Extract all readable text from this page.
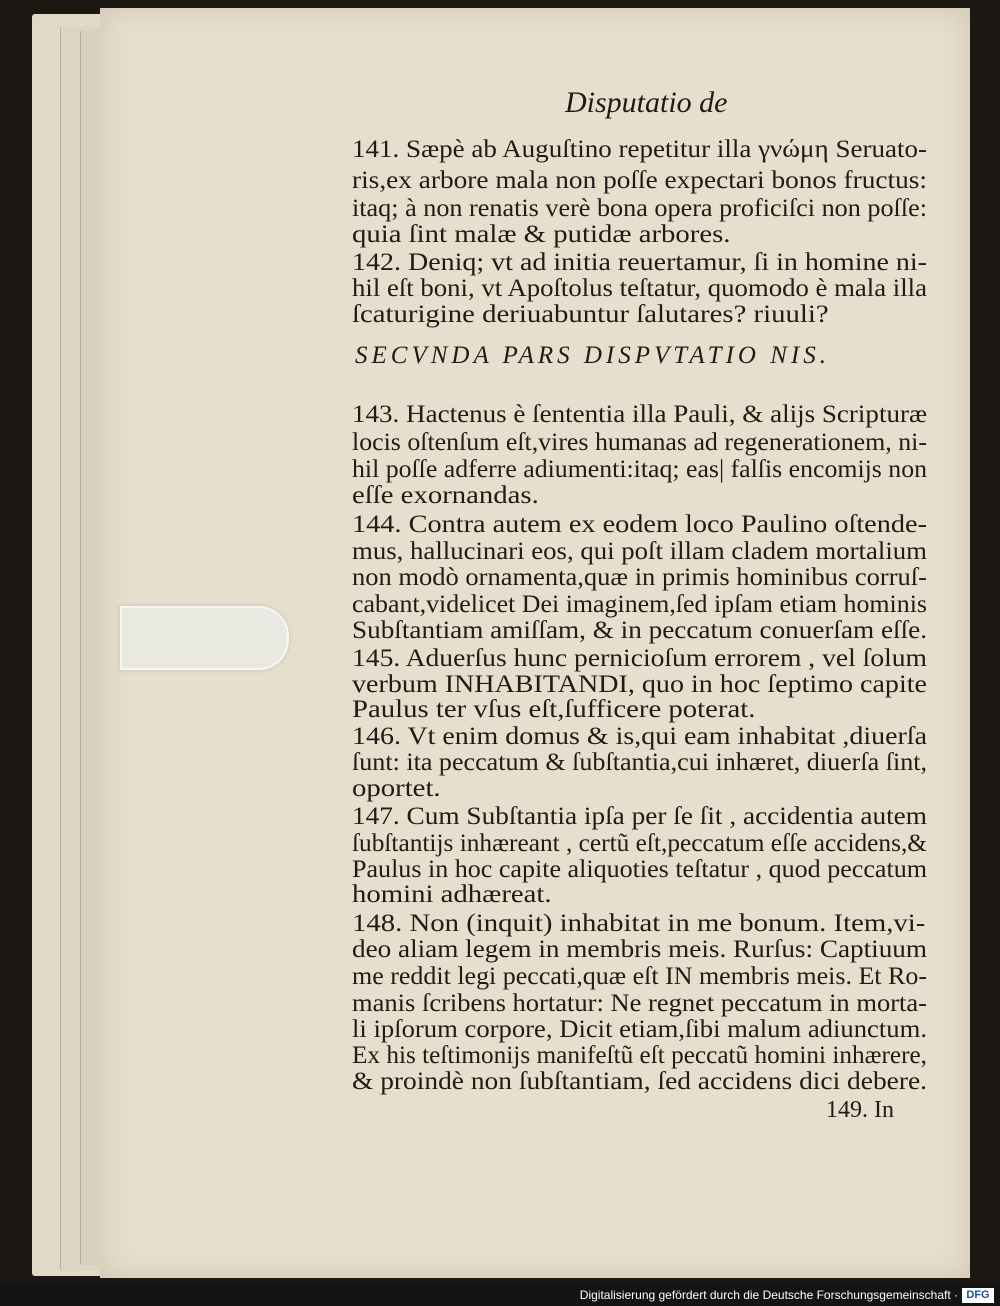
Disputatio de
141. Sæpè ab Auguſtino repetitur illa γνώμη Seruato-
ris,ex arbore mala non poſſe expectari bonos fructus:
itaq; à non renatis verè bona opera proficiſci non poſſe:
quia ſint malæ & putidæ arbores.
142. Deniq; vt ad initia reuertamur, ſi in homine ni-
hil eſt boni, vt Apoſtolus teſtatur, quomodo è mala illa
ſcaturigine deriuabuntur ſalutares? riuuli?
SECVNDA PARS DISPVTATIO NIS.
143. Hactenus è ſententia illa Pauli, & alijs Scripturæ
locis oſtenſum eſt,vires humanas ad regenerationem, ni-
hil poſſe adferre adiumenti:itaq; eas| falſis encomijs non
eſſe exornandas.
144. Contra autem ex eodem loco Paulino oſtende-
mus, hallucinari eos, qui poſt illam cladem mortalium
non modò ornamenta,quæ in primis hominibus corruſ-
cabant,videlicet Dei imaginem,ſed ipſam etiam hominis
Subſtantiam amiſſam, & in peccatum conuerſam eſſe.
145. Aduerſus hunc pernicioſum errorem , vel ſolum
verbum INHABITANDI, quo in hoc ſeptimo capite
Paulus ter vſus eſt,ſufficere poterat.
146. Vt enim domus & is,qui eam inhabitat ,diuerſa
ſunt: ita peccatum & ſubſtantia,cui inhæret, diuerſa ſint,
oportet.
147. Cum Subſtantia ipſa per ſe ſit , accidentia autem
ſubſtantijs inhæreant , certũ eſt,peccatum eſſe accidens,&
Paulus in hoc capite aliquoties teſtatur , quod peccatum
homini adhæreat.
148. Non (inquit) inhabitat in me bonum. Item,vi-
deo aliam legem in membris meis. Rurſus: Captiuum
me reddit legi peccati,quæ eſt IN membris meis. Et Ro-
manis ſcribens hortatur: Ne regnet peccatum in morta-
li ipſorum corpore, Dicit etiam,ſibi malum adiunctum.
Ex his teſtimonijs manifeſtũ eſt peccatũ homini inhærere,
& proindè non ſubſtantiam, ſed accidens dici debere.
149. In
Digitalisierung gefördert durch die Deutsche Forschungsgemeinschaft · DFG
